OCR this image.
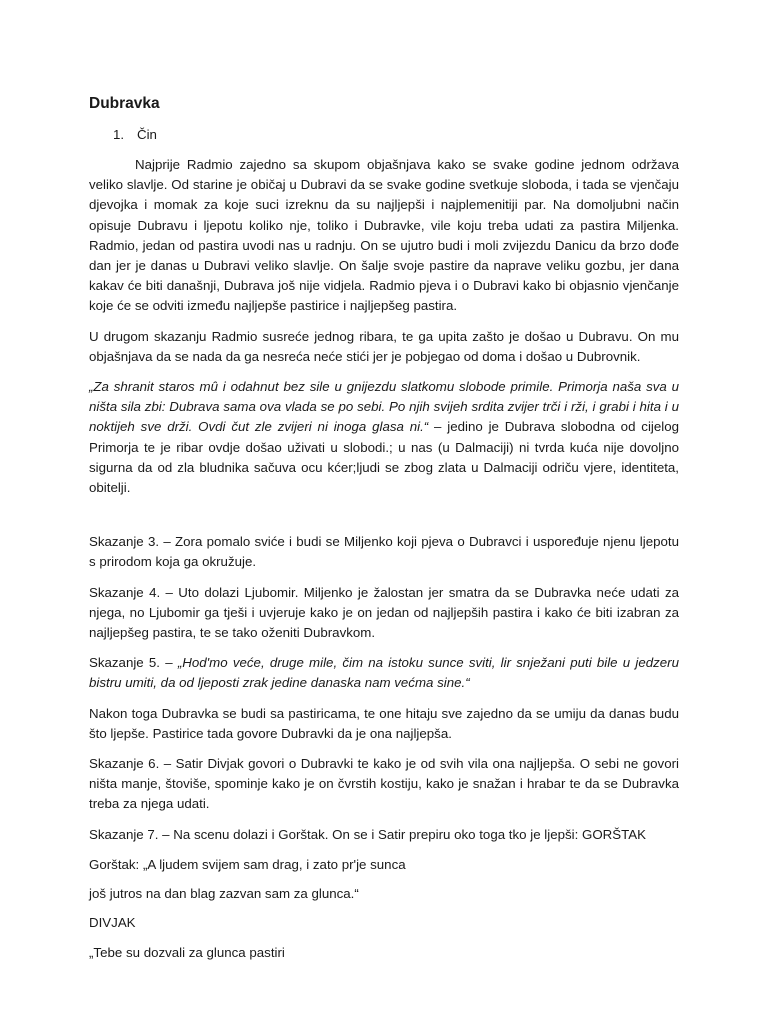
Dubravka
1. Čin

Najprije Radmio zajedno sa skupom objašnjava kako se svake godine jednom održava veliko slavlje. Od starine je običaj u Dubravi da se svake godine svetkuje sloboda, i tada se vjenčaju djevojka i momak za koje suci izreknu da su najljepši i najplemenitiji par. Na domoljubni način opisuje Dubravu i ljepotu koliko nje, toliko i Dubravke, vile koju treba udati za pastira Miljenka. Radmio, jedan od pastira uvodi nas u radnju. On se ujutro budi i moli zvijezdu Danicu da brzo dođe dan jer je danas u Dubravi veliko slavlje. On šalje svoje pastire da naprave veliku gozbu, jer dana kakav će biti današnji, Dubrava još nije vidjela. Radmio pjeva i o Dubravi kako bi objasnio vjenčanje koje će se odviti između najljepše pastirice i najljepšeg pastira.

U drugom skazanju Radmio susreće jednog ribara, te ga upita zašto je došao u Dubravu. On mu objašnjava da se nada da ga nesreća neće stići jer je pobjegao od doma i došao u Dubrovnik.

„Za shranit staros mû i odahnut bez sile u gnijezdu slatkomu slobode primile. Primorja naša sva u ništa sila zbi: Dubrava sama ova vlada se po sebi. Po njih svijeh srdita zvijer trči i rži, i grabi i hita i u noktijeh sve drži. Ovdi čut zle zvijeri ni inoga glasa ni.“ – jedino je Dubrava slobodna od cijelog Primorja te je ribar ovdje došao uživati u slobodi.; u nas (u Dalmaciji) ni tvrda kuća nije dovoljno sigurna da od zla bludnika sačuva ocu kćer;ljudi se zbog zlata u Dalmaciji odriču vjere, identiteta, obitelji.

Skazanje 3. – Zora pomalo sviće i budi se Miljenko koji pjeva o Dubravci i uspoređuje njenu ljepotu s prirodom koja ga okružuje.

Skazanje 4. – Uto dolazi Ljubomir. Miljenko je žalostan jer smatra da se Dubravka neće udati za njega, no Ljubomir ga tješi i uvjeruje kako je on jedan od najljepših pastira i kako će biti izabran za najljepšeg pastira, te se tako oženiti Dubravkom.

Skazanje 5. – „Hod'mo veće, druge mile, čim na istoku sunce sviti, lir snježani puti bile u jedzeru bistru umiti, da od ljeposti zrak jedine danaska nam većma sine.“

Nakon toga Dubravka se budi sa pastiricama, te one hitaju sve zajedno da se umiju da danas budu što ljepše. Pastirice tada govore Dubravki da je ona najljepša.

Skazanje 6. – Satir Divjak govori o Dubravki te kako je od svih vila ona najljepša. O sebi ne govori ništa manje, štoviše, spominje kako je on čvrstih kostiju, kako je snažan i hrabar te da se Dubravka treba za njega udati.

Skazanje 7. – Na scenu dolazi i Gorštak. On se i Satir prepiru oko toga tko je ljepši: GORŠTAK

Gorštak: „A ljudem svijem sam drag, i zato pr'je sunca

još jutros na dan blag zazvan sam za glunca.“

DIVJAK

„Tebe su dozvali za glunca pastiri
